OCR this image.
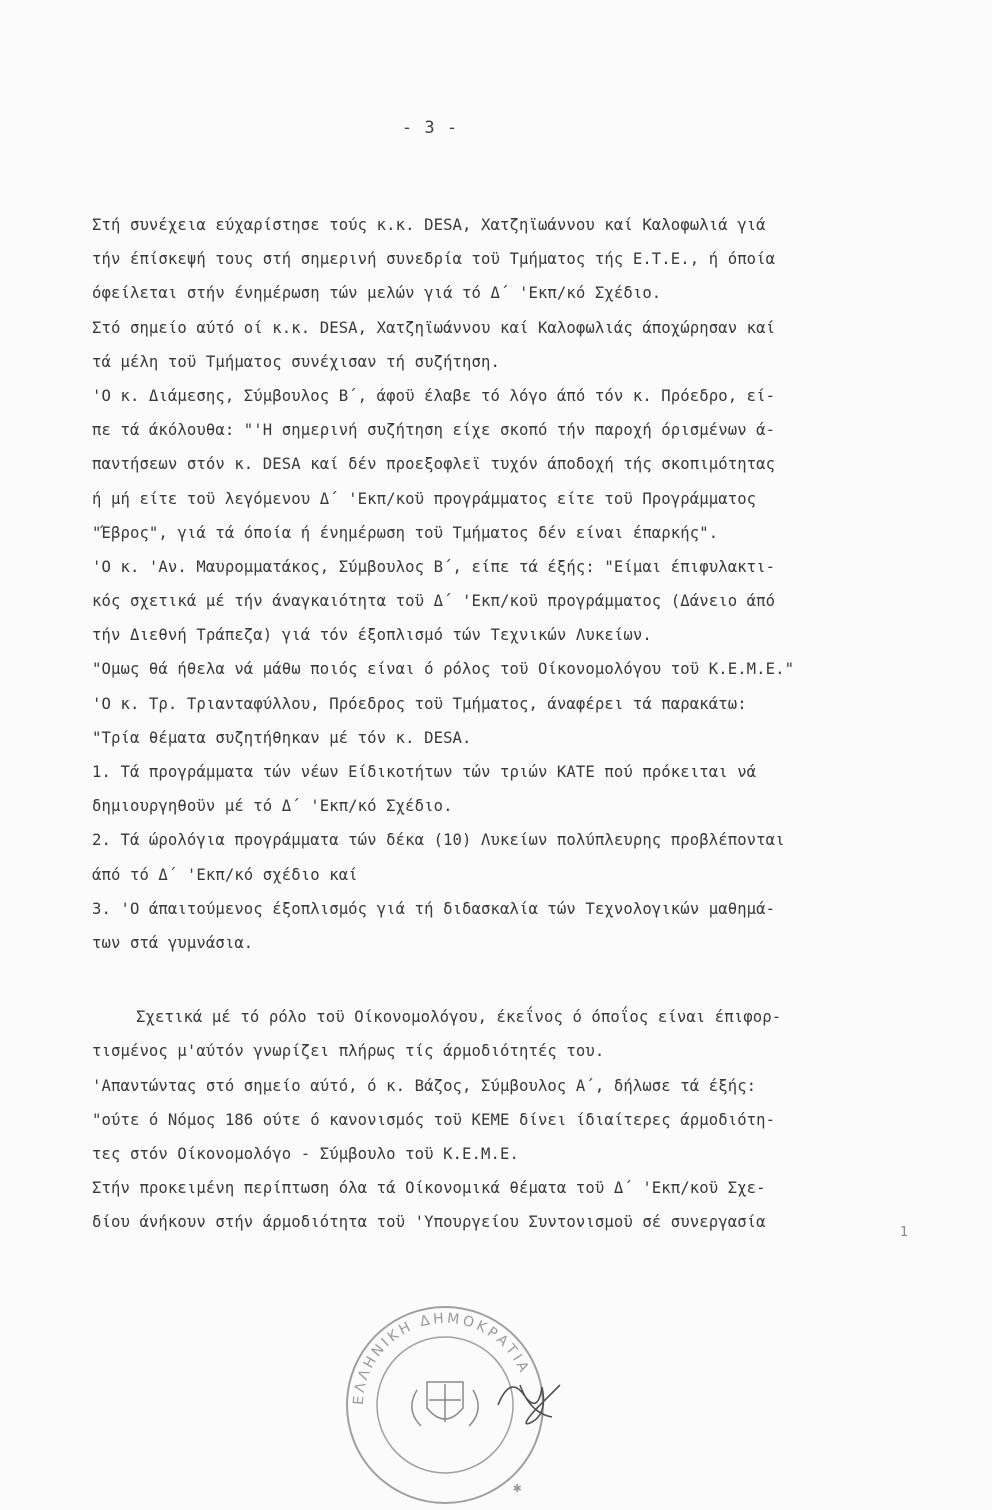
- 3 -
Στή συνέχεια εύχαρίστησε τούς κ.κ. DESA, Χατζηϊωάννου καί Καλοφωλιά γιά
τήν έπίσκεψή τους στή σημερινή συνεδρία τοϋ Τμήματος τής Ε.Τ.Ε., ή όποία
όφείλεται στήν ένημέρωση τών μελών γιά τό Δ΄ 'Εκπ/κό Σχέδιο.
Στό σημείο αύτό οί κ.κ. DESA, Χατζηϊωάννου καί Καλοφωλιάς άποχώρησαν καί
τά μέλη τοϋ Τμήματος συνέχισαν τή συζήτηση.
'Ο κ. Διάμεσης, Σύμβουλος Β΄, άφοϋ έλαβε τό λόγο άπό τόν κ. Πρόεδρο, εί-
πε τά άκόλουθα: "'Η σημερινή συζήτηση είχε σκοπό τήν παροχή όρισμένων ά-
παντήσεων στόν κ. DESA καί δέν προεξοφλεϊ τυχόν άποδοχή τής σκοπιμότητας
ή μή είτε τοϋ λεγόμενου Δ΄ 'Εκπ/κοϋ προγράμματος είτε τοϋ Προγράμματος
"Έβρος", γιά τά όποία ή ένημέρωση τοϋ Τμήματος δέν είναι έπαρκής".
'Ο κ. 'Αν. Μαυρομματάκος, Σύμβουλος Β΄, είπε τά έξής: "Είμαι έπιφυλακτι-
κός σχετικά μέ τήν άναγκαιότητα τοϋ Δ΄ 'Εκπ/κοϋ προγράμματος (Δάνειο άπό
τήν Διεθνή Τράπεζα) γιά τόν έξοπλισμό τών Τεχνικών Λυκείων.
"Ομως θά ήθελα νά μάθω ποιός είναι ό ρόλος τοϋ Οίκονομολόγου τοϋ Κ.Ε.Μ.Ε."
'Ο κ. Τρ. Τριανταφύλλου, Πρόεδρος τοϋ Τμήματος, άναφέρει τά παρακάτω:
"Τρία θέματα συζητήθηκαν μέ τόν κ. DESA.
1. Τά προγράμματα τών νέων Είδικοτήτων τών τριών ΚΑΤΕ πού πρόκειται νά
δημιουργηθοϋν μέ τό Δ΄ 'Εκπ/κό Σχέδιο.
2. Τά ώρολόγια προγράμματα τών δέκα (10) Λυκείων πολύπλευρης προβλέπονται
άπό τό Δ΄ 'Εκπ/κό σχέδιο καί
3. 'Ο άπαιτούμενος έξοπλισμός γιά τή διδασκαλία τών Τεχνολογικών μαθημά-
των στά γυμνάσια.
Σχετικά μέ τό ρόλο τοϋ Οίκονομολόγου, έκεΐνος ό όποΐος είναι έπιφορ-
τισμένος μ'αύτόν γνωρίζει πλήρως τίς άρμοδιότητές του.
'Απαντώντας στό σημείο αύτό, ό κ. Βάζος, Σύμβουλος Α΄, δήλωσε τά έξής:
"ούτε ό Νόμος 186 ούτε ό κανονισμός τοϋ ΚΕΜΕ δίνει ίδιαίτερες άρμοδιότη-
τες στόν Οίκονομολόγο - Σύμβουλο τοϋ Κ.Ε.Μ.Ε.
Στήν προκειμένη περίπτωση όλα τά Οίκονομικά θέματα τοϋ Δ΄ 'Εκπ/κοϋ Σχε-
δίου άνήκουν στήν άρμοδιότητα τοϋ 'Υπουργείου Συντονισμοϋ σέ συνεργασία
1
ΕΛΛΗΝΙΚΗ ΔΗΜΟΚΡΑΤΙΑ
✱
